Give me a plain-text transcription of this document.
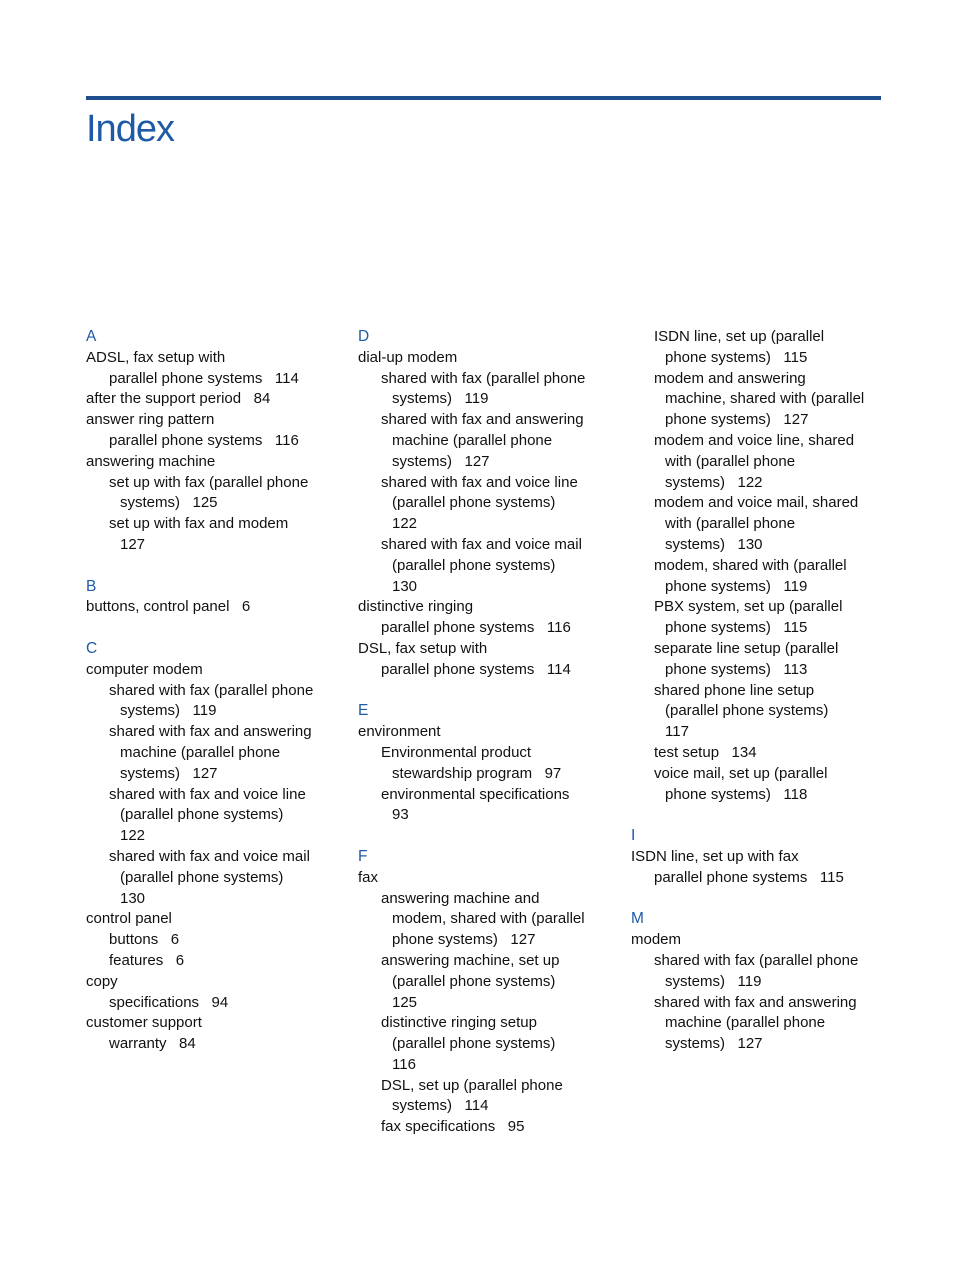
Index
A
ADSL, fax setup with
parallel phone systems   114
after the support period   84
answer ring pattern
parallel phone systems   116
answering machine
set up with fax (parallel phone
systems)   125
set up with fax and modem
127
B
buttons, control panel   6
C
computer modem
shared with fax (parallel phone
systems)   119
shared with fax and answering
machine (parallel phone
systems)   127
shared with fax and voice line
(parallel phone systems)
122
shared with fax and voice mail
(parallel phone systems)
130
control panel
buttons   6
features   6
copy
specifications   94
customer support
warranty   84
D
dial-up modem
shared with fax (parallel phone
systems)   119
shared with fax and answering
machine (parallel phone
systems)   127
shared with fax and voice line
(parallel phone systems)
122
shared with fax and voice mail
(parallel phone systems)
130
distinctive ringing
parallel phone systems   116
DSL, fax setup with
parallel phone systems   114
E
environment
Environmental product
stewardship program   97
environmental specifications
93
F
fax
answering machine and
modem, shared with (parallel
phone systems)   127
answering machine, set up
(parallel phone systems)
125
distinctive ringing setup
(parallel phone systems)
116
DSL, set up (parallel phone
systems)   114
fax specifications   95
ISDN line, set up (parallel
phone systems)   115
modem and answering
machine, shared with (parallel
phone systems)   127
modem and voice line, shared
with (parallel phone
systems)   122
modem and voice mail, shared
with (parallel phone
systems)   130
modem, shared with (parallel
phone systems)   119
PBX system, set up (parallel
phone systems)   115
separate line setup (parallel
phone systems)   113
shared phone line setup
(parallel phone systems)
117
test setup   134
voice mail, set up (parallel
phone systems)   118
I
ISDN line, set up with fax
parallel phone systems   115
M
modem
shared with fax (parallel phone
systems)   119
shared with fax and answering
machine (parallel phone
systems)   127
